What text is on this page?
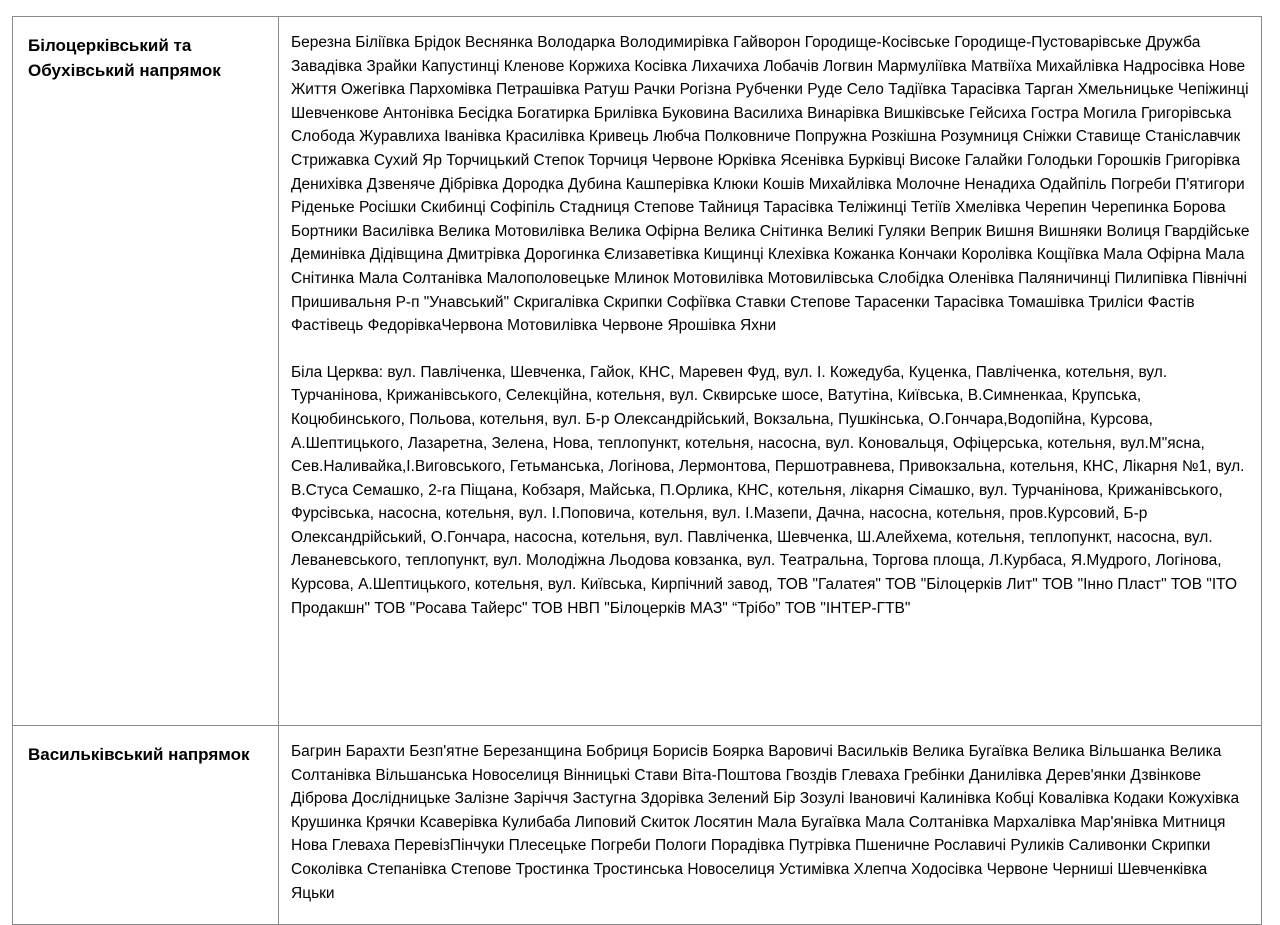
Білоцерківський та Обухівський напрямок	Березна Біліївка Брідок Веснянка Володарка Володимирівка Гайворон Городище-Косівське Городище-Пустоварівське Дружба Завадівка Зрайки Капустинці Кленове Коржиха Косівка Лихачиха Лобачів Логвин Мармуліївка Матвіїха Михайлівка Надросівка Нове Життя Ожегівка Пархомівка Петрашівка Ратуш Рачки Рогізна Рубченки Руде Село Тадіївка Тарасівка Тарган Хмельницьке Чепіжинці Шевченкове Антонівка Бесідка Богатирка Брилівка Буковина Василиха Винарівка Вишківське Гейсиха Гостра Могила Григорівська Слобода Журавлиха Іванівка Красилівка Кривець Любча Полковниче Попружна Розкішна Розумниця Сніжки Ставище Станіславчик Стрижавка Сухий Яр Торчицький Степок Торчиця Червоне Юрківка Ясенівка Бурківці Високе Галайки Голодьки Горошків Григорівка Денихівка Дзвеняче Дібрівка Дородка Дубина Кашперівка Клюки Кошів Михайлівка Молочне Ненадиха Одайпіль Погреби П'ятигори Ріденьке Росішки Скибинці Софіпіль Стадниця Степове Тайниця Тарасівка Теліжинці Тетіїв Хмелівка Черепин Черепинка Борова Бортники Василівка Велика Мотовилівка Велика Офірна Велика Снітинка Великі Гуляки Веприк Вишня Вишняки Волиця Гвардійське Деминівка Дідівщина Дмитрівка Дорогинка Єлизаветівка Кищинці Клехівка Кожанка Кончаки Королівка Кощіївка Мала Офірна Мала Снітинка Мала Солтанівка Малополовецьке Млинок Мотовилівка Мотовилівська Слобідка Оленівка Паляничинці Пилипівка Північні Пришивальня Р-п "Унавський" Скригалівка Скрипки Софіївка Ставки Степове Тарасенки Тарасівка Томашівка Триліси Фастів Фастівець ФедорівкаЧервона Мотовилівка Червоне Ярошівка Яхни

Біла Церква: вул. Павліченка, Шевченка, Гайок, КНС, Маревен Фуд, вул. І. Кожедуба, Куценка, Павліченка, котельня, вул. Турчанінова, Крижанівського, Селекційна, котельня, вул. Сквирське шосе, Ватутіна, Київська, В.Симненкаа, Крупська, Коцюбинського, Польова, котельня, вул. Б-р Олександрійський, Вокзальна, Пушкінська, О.Гончара,Водопійна, Курсова, А.Шептицького, Лазаретна, Зелена, Нова, теплопункт, котельня, насосна, вул. Коновальця, Офіцерська, котельня, вул.М"ясна, Сев.Наливайка,І.Виговського, Гетьманська, Логінова, Лермонтова, Першотравнева, Привокзальна, котельня, КНС, Лікарня №1, вул. В.Стуса Семашко, 2-га Піщана, Кобзаря, Майська, П.Орлика, КНС, котельня, лікарня Сімашко, вул. Турчанінова, Крижанівського, Фурсівська, насосна, котельня, вул. І.Поповича, котельня, вул. І.Мазепи, Дачна, насосна, котельня, пров.Курсовий, Б-р Олександрійський, О.Гончара, насосна, котельня, вул. Павліченка, Шевченка, Ш.Алейхема, котельня, теплопункт, насосна, вул. Леваневського, теплопункт, вул. Молодіжна Льодова ковзанка, вул. Театральна, Торгова площа, Л.Курбаса, Я.Мудрого, Логінова, Курсова, А.Шептицького, котельня, вул. Київська, Кирпічний завод, ТОВ "Галатея" ТОВ "Білоцерків Лит" ТОВ "Інно Пласт" ТОВ "ІТО Продакшн" ТОВ "Росава Тайерс" ТОВ НВП "Білоцерків МАЗ" “Трібо” ТОВ "ІНТЕР-ГТВ"

Васильківський напрямок	Багрин Барахти Безп'ятне Березанщина Бобриця Борисів Боярка Варовичі Васильків Велика Бугаївка Велика Вільшанка Велика Солтанівка Вільшанська Новоселиця Вінницькі Стави Віта-Поштова Гвоздів Глеваха Гребінки Данилівка Дерев'янки Дзвінкове Діброва Дослідницьке Залізне Заріччя Застугна Здорівка Зелений Бір Зозулі Івановичі Калинівка Кобці Ковалівка Кодаки Кожухівка Крушинка Крячки Ксаверівка Кулибаба Липовий Скиток Лосятин Мала Бугаївка Мала Солтанівка Мархалівка Мар'янівка Митниця Нова Глеваха ПеревізПінчуки Плесецьке Погреби Пологи Порадівка Путрівка Пшеничне Рославичі Руликів Саливонки Скрипки Соколівка Степанівка Степове Тростинка Тростинська Новоселиця Устимівка Хлепча Ходосівка Червоне Черниші Шевченківка Яцьки
